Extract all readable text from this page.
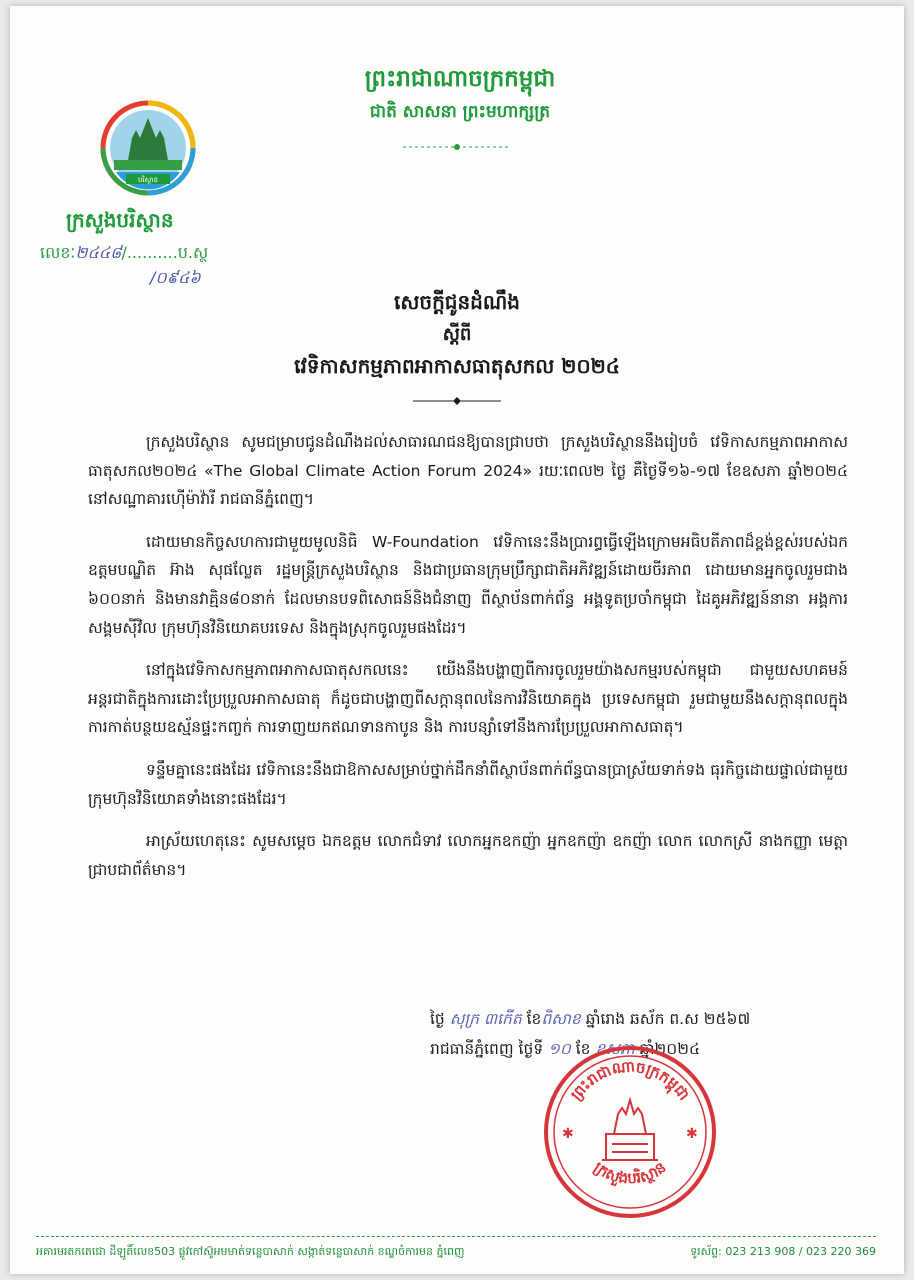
ព្រះរាជាណាចក្រកម្ពុជា
ជាតិ សាសនា ព្រះមហាក្សត្រ
បរិស្ថាន
ក្រសួងបរិស្ថាន
លេខៈ២៤៤៨/..........ប.ស្ថ
/០៩៤៦
សេចក្តីជូនដំណឹង
ស្តីពី
វេទិកាសកម្មភាពអាកាសធាតុសកល ២០២៤

ក្រសួងបរិស្ថាន សូមជម្រាបជូនដំណឹងដល់សាធារណជនឱ្យបានជ្រាបថា ក្រសួងបរិស្ថាននឹងរៀបចំ វេទិកាសកម្មភាពអាកាសធាតុសកល២០២៤ «The Global Climate Action Forum 2024» រយៈពេល២ ថ្ងៃ គឺថ្ងៃទី១៦-១៧ ខែឧសភា ឆ្នាំ២០២៤ នៅសណ្ឋាគារហ៊ើម៉ាវ៉ារី រាជធានីភ្នំពេញ។

ដោយមានកិច្ចសហការជាមួយមូលនិធិ W-Foundation វេទិកានេះនឹងប្រារព្ធធ្វើឡើងក្រោមអធិបតីភាពដ៏ខ្ពង់ខ្ពស់របស់ឯកឧត្តមបណ្ឌិត អ៊ាង សុផល្លែត រដ្ឋមន្ត្រីក្រសួងបរិស្ថាន និងជាប្រធានក្រុមប្រឹក្សាជាតិអភិវឌ្ឍន៍ដោយចីរភាព ដោយមានអ្នកចូលរួមជាង ៦០០នាក់ និងមានវាគ្មិន៨០នាក់ ដែលមានបទពិសោធន៍និងជំនាញ ពីស្ថាប័នពាក់ព័ន្ធ អង្គទូតប្រចាំកម្ពុជា ដៃគូអភិវឌ្ឍន៍នានា អង្គការសង្គមស៊ីវិល ក្រុមហ៊ុនវិនិយោគបរទេស និងក្នុងស្រុកចូលរួមផងដែរ។

នៅក្នុងវេទិកាសកម្មភាពអាកាសធាតុសកលនេះ យើងនឹងបង្ហាញពីការចូលរួមយ៉ាងសកម្មរបស់កម្ពុជា ជាមួយសហគមន៍អន្តរជាតិក្នុងការដោះប្រែប្រួលអាកាសធាតុ ក៏ដូចជាបង្ហាញពីសក្តានុពលនៃការវិនិយោគក្នុង ប្រទេសកម្ពុជា រួមជាមួយនឹងសក្តានុពលក្នុងការកាត់បន្ថយឧស្ម័នផ្ទះកញ្ចក់ ការទាញយកឥណទានកាបូន និង ការបន្សាំទៅនឹងការប្រែប្រួលអាកាសធាតុ។

ទន្ទឹមគ្នានេះផងដែរ វេទិកានេះនឹងជាឱកាសសម្រាប់ថ្នាក់ដឹកនាំពីស្ថាប័នពាក់ព័ន្ធបានប្រាស្រ័យទាក់ទង ធុរកិច្ចដោយផ្ទាល់ជាមួយក្រុមហ៊ុនវិនិយោគទាំងនោះផងដែរ។

អាស្រ័យហេតុនេះ សូមសម្តេច ឯកឧត្តម លោកជំទាវ លោកអ្នកឧកញ៉ា អ្នកឧកញ៉ា ឧកញ៉ា លោក លោកស្រី នាងកញ្ញា មេត្តាជ្រាបជាព័ត៌មាន។

ថ្ងៃ សុក្រ ៣កើត ខែពិសាខ ឆ្នាំរោង ឆស័ក ព.ស ២៥៦៧
រាជធានីភ្នំពេញ ថ្ងៃទី ១០ ខែ ឧសភា ឆ្នាំ២០២៤
ព្រះរាជាណាចក្រកម្ពុជា
ក្រសួងបរិស្ថាន
✱	✱
អគារមរតកតេជោ ដីឡូតិ៍លេខ503 ផ្លូវកៅស៊ូអមមាត់ទន្លេបាសាក់ សង្កាត់ទន្លេបាសាក់ ខណ្ឌចំការមន ភ្នំពេញ	ទូរស័ព្ទ: 023 213 908 / 023 220 369
